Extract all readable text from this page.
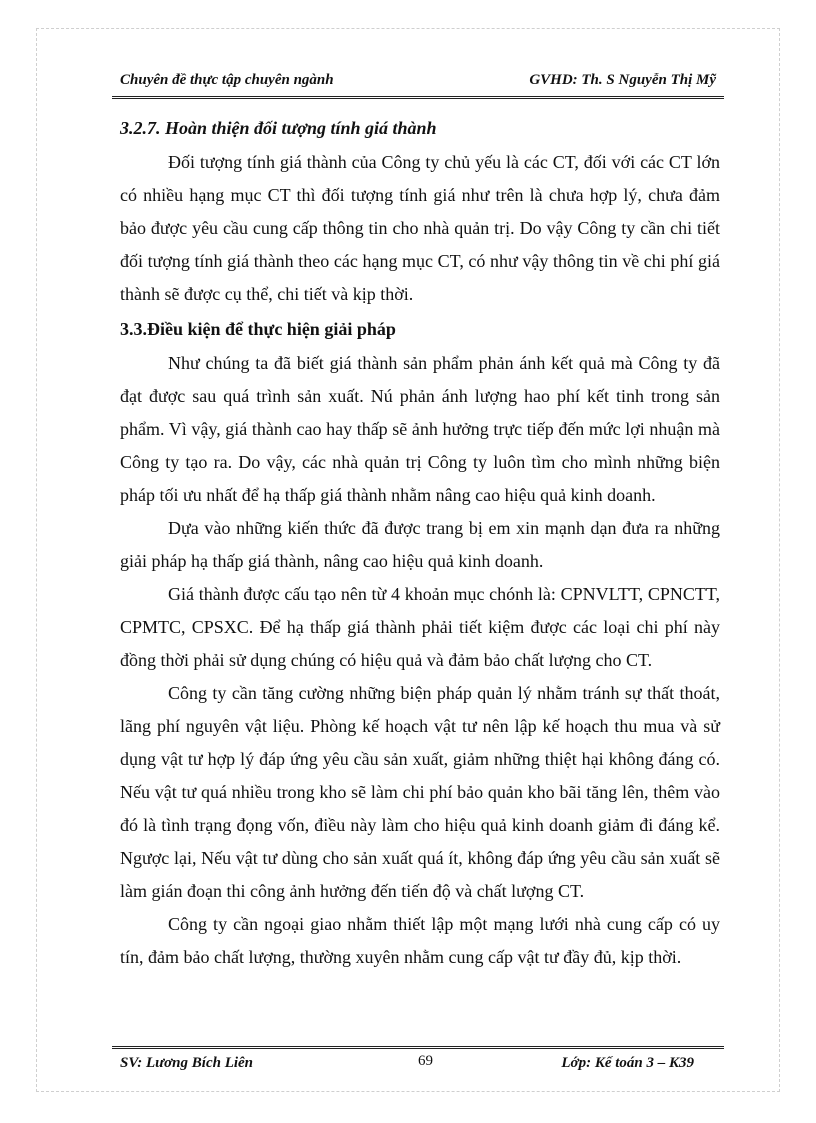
Chuyên đề thực tập chuyên ngành	GVHD: Th. S Nguyễn Thị Mỹ
3.2.7. Hoàn thiện đối tượng tính giá thành

Đối tượng tính giá thành của Công ty chủ yếu là các CT, đối với các CT lớn có nhiều hạng mục CT thì đối tượng tính giá như trên là chưa hợp lý, chưa đảm bảo được yêu cầu cung cấp thông tin cho nhà quản trị. Do vậy Công ty cần chi tiết đối tượng tính giá thành theo các hạng mục CT, có như vậy thông tin về chi phí giá thành sẽ được cụ thể, chi tiết và kịp thời.

3.3.Điều kiện để thực hiện giải pháp

Như chúng ta đã biết giá thành sản phẩm phản ánh kết quả mà Công ty đã đạt được sau quá trình sản xuất. Nú phản ánh lượng hao phí kết tinh trong sản phẩm. Vì vậy, giá thành cao hay thấp sẽ ảnh hưởng trực tiếp đến mức lợi nhuận mà Công ty tạo ra. Do vậy, các nhà quản trị Công ty luôn tìm cho mình những biện pháp tối ưu nhất để hạ thấp giá thành nhằm nâng cao hiệu quả kinh doanh.

Dựa vào những kiến thức đã được trang bị em xin mạnh dạn đưa ra những giải pháp hạ thấp giá thành, nâng cao hiệu quả kinh doanh.

Giá thành được cấu tạo nên từ 4 khoản mục chónh là: CPNVLTT, CPNCTT, CPMTC, CPSXC. Để hạ thấp giá thành phải tiết kiệm được các loại chi phí này đồng thời phải sử dụng chúng có hiệu quả và đảm bảo chất lượng cho CT.

Công ty cần tăng cường những biện pháp quản lý nhằm tránh sự thất thoát, lãng phí nguyên vật liệu. Phòng kế hoạch vật tư nên lập kế hoạch thu mua và sử dụng vật tư hợp lý đáp ứng yêu cầu sản xuất, giảm những thiệt hại không đáng có. Nếu vật tư quá nhiều trong kho sẽ làm chi phí bảo quản kho bãi tăng lên, thêm vào đó là tình trạng đọng vốn, điều này làm cho hiệu quả kinh doanh giảm đi đáng kể. Ngược lại, Nếu vật tư dùng cho sản xuất quá ít, không đáp ứng yêu cầu sản xuất sẽ làm gián đoạn thi công ảnh hưởng đến tiến độ và chất lượng CT.

Công ty cần ngoại giao nhằm thiết lập một mạng lưới nhà cung cấp có uy tín, đảm bảo chất lượng, thường xuyên nhằm cung cấp vật tư đầy đủ, kịp thời.

SV: Lương Bích Liên	69	Lớp: Kế toán 3 – K39
